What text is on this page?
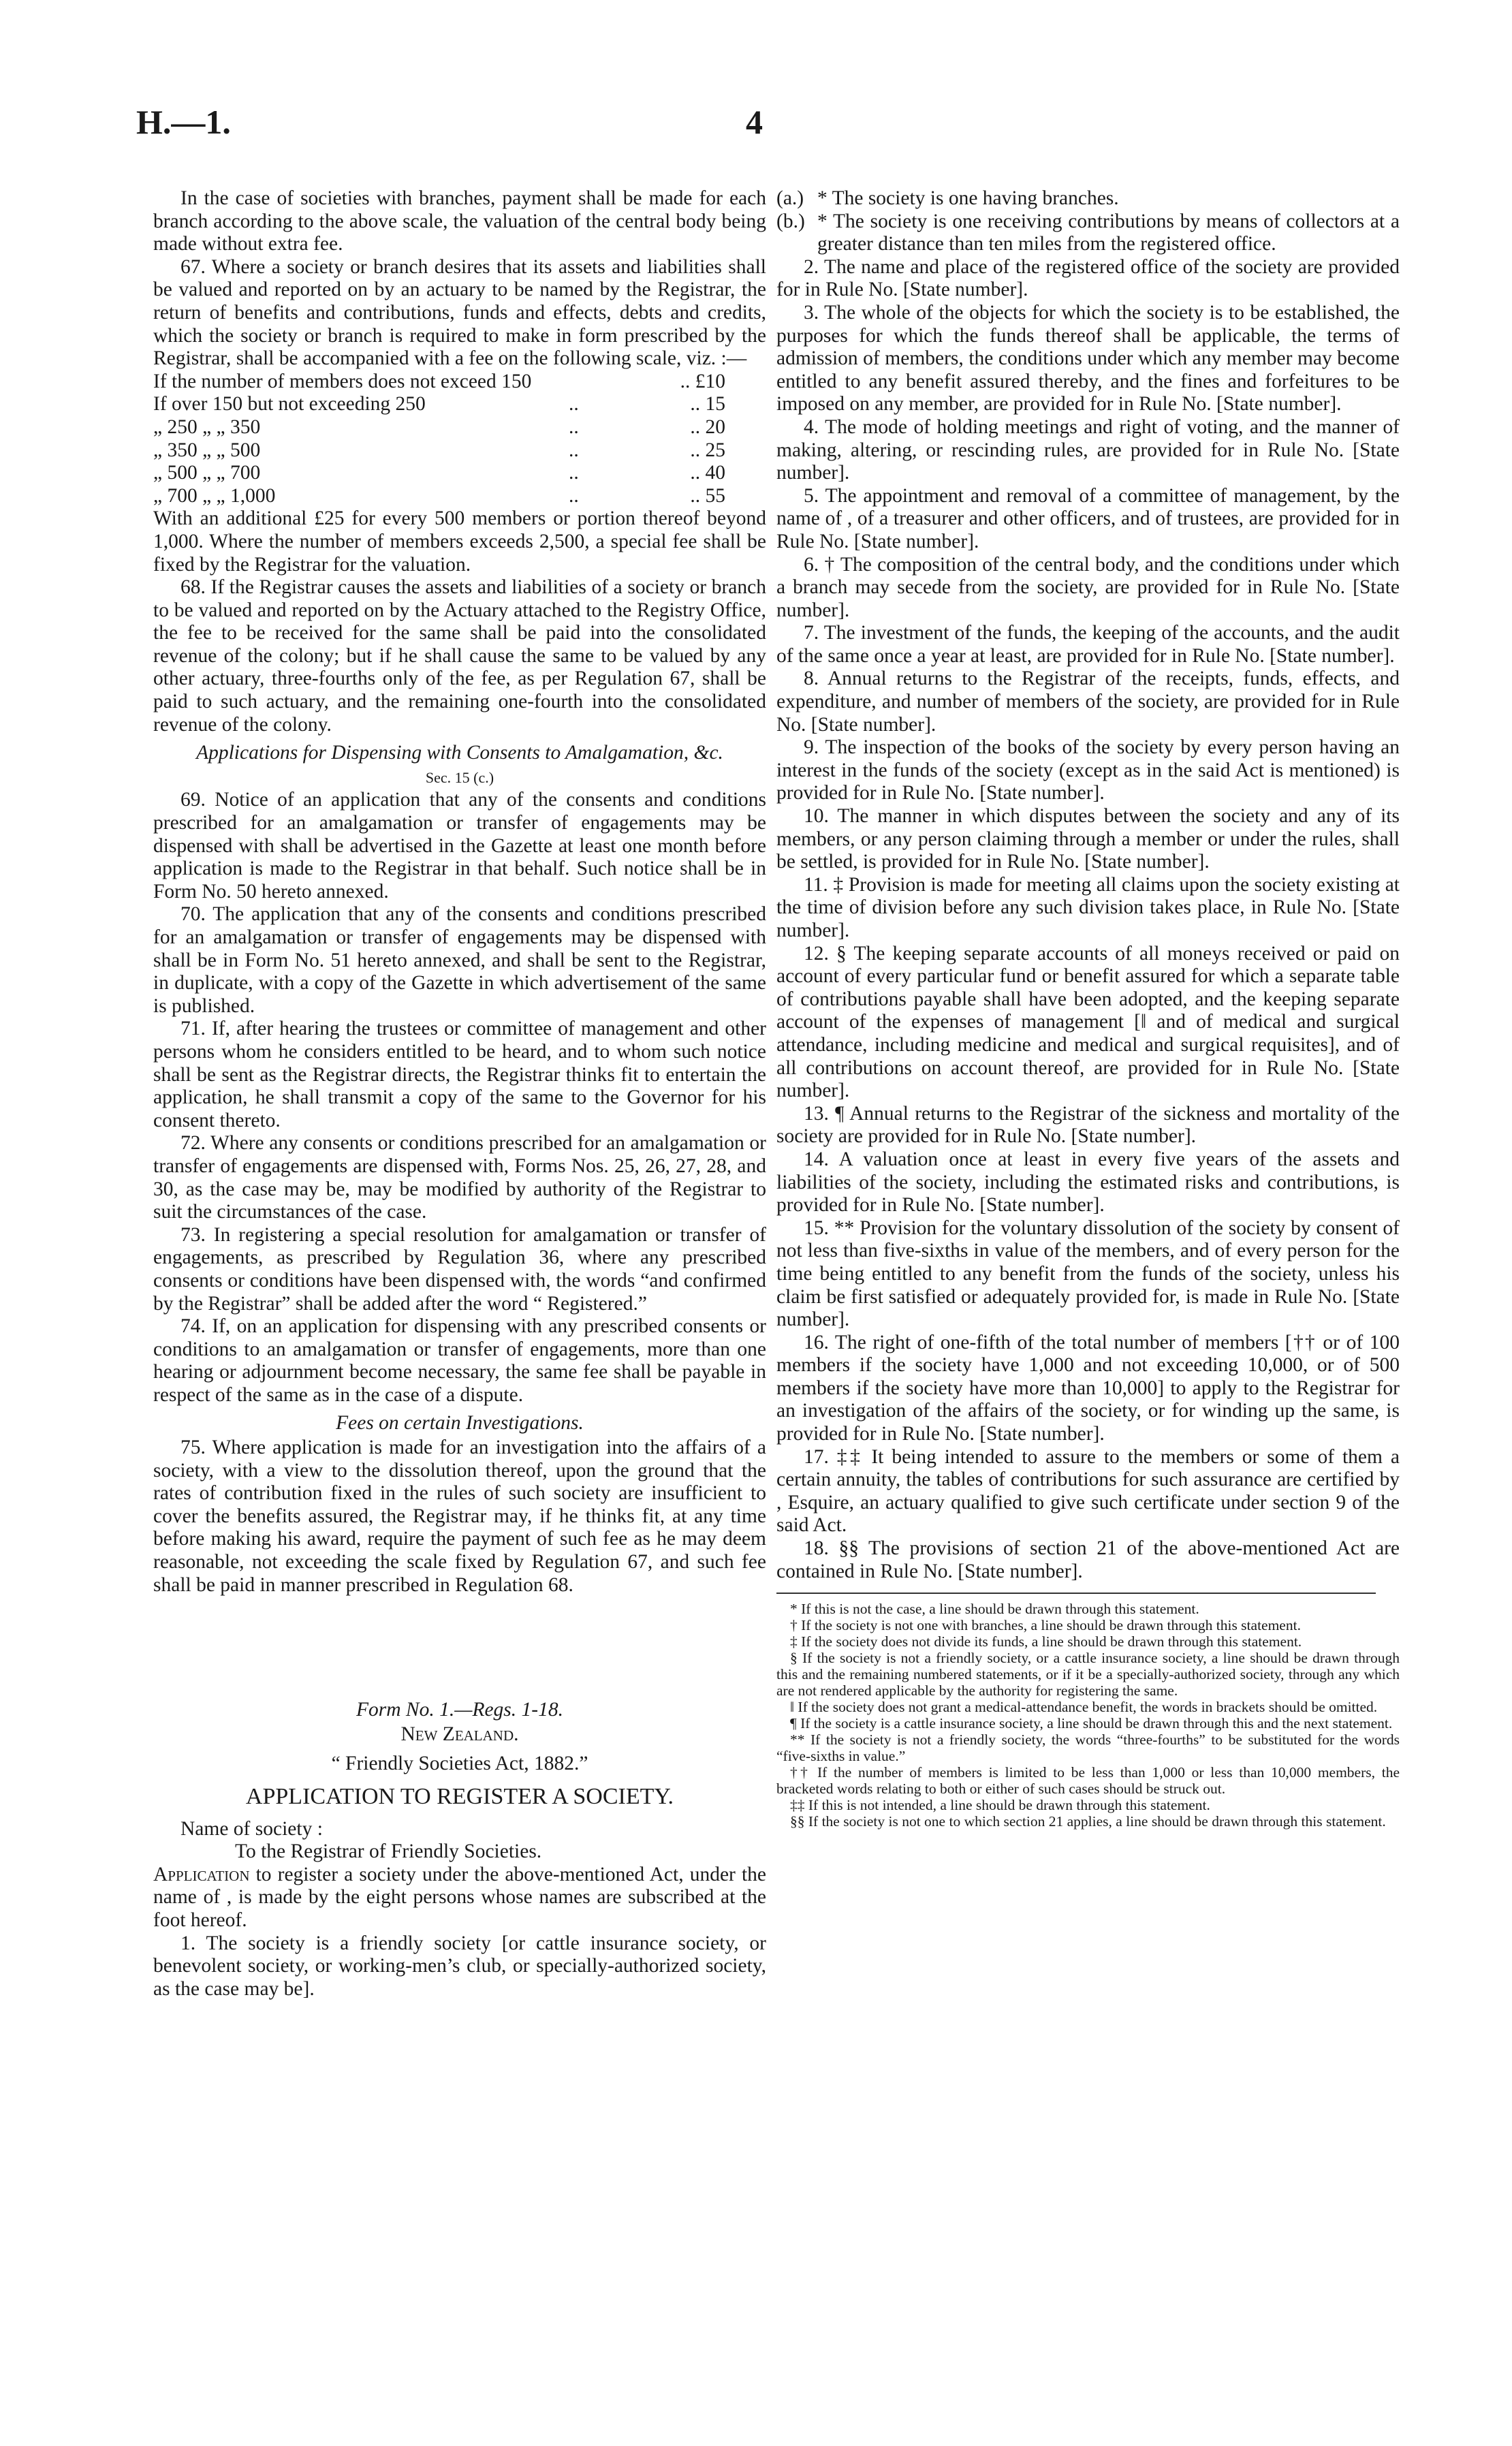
H.—1.	4

In the case of societies with branches, payment shall be made for each branch according to the above scale, the valuation of the central body being made without extra fee.

67. Where a society or branch desires that its assets and liabilities shall be valued and reported on by an actuary to be named by the Registrar, the return of benefits and contributions, funds and effects, debts and credits, which the society or branch is required to make in form prescribed by the Registrar, shall be accompanied with a fee on the following scale, viz. :—

If the number of members does not exceed 150	.. £10
If over 150 but not exceeding 250	..	.. 15
„ 250 „ „ 350	..	.. 20
„ 350 „ „ 500	..	.. 25
„ 500 „ „ 700	..	.. 40
„ 700 „ „ 1,000	..	.. 55

With an additional £25 for every 500 members or portion thereof beyond 1,000. Where the number of members exceeds 2,500, a special fee shall be fixed by the Registrar for the valuation.

68. If the Registrar causes the assets and liabilities of a society or branch to be valued and reported on by the Actuary attached to the Registry Office, the fee to be received for the same shall be paid into the consolidated revenue of the colony; but if he shall cause the same to be valued by any other actuary, three-fourths only of the fee, as per Regulation 67, shall be paid to such actuary, and the remaining one-fourth into the consolidated revenue of the colony.

Applications for Dispensing with Consents to Amalgamation, &c.

Sec. 15 (c.)

69. Notice of an application that any of the consents and conditions prescribed for an amalgamation or transfer of engagements may be dispensed with shall be advertised in the Gazette at least one month before application is made to the Registrar in that behalf. Such notice shall be in Form No. 50 hereto annexed.

70. The application that any of the consents and conditions prescribed for an amalgamation or transfer of engagements may be dispensed with shall be in Form No. 51 hereto annexed, and shall be sent to the Registrar, in duplicate, with a copy of the Gazette in which advertisement of the same is published.

71. If, after hearing the trustees or committee of management and other persons whom he considers entitled to be heard, and to whom such notice shall be sent as the Registrar directs, the Registrar thinks fit to entertain the application, he shall transmit a copy of the same to the Governor for his consent thereto.

72. Where any consents or conditions prescribed for an amalgamation or transfer of engagements are dispensed with, Forms Nos. 25, 26, 27, 28, and 30, as the case may be, may be modified by authority of the Registrar to suit the circumstances of the case.

73. In registering a special resolution for amalgamation or transfer of engagements, as prescribed by Regulation 36, where any prescribed consents or conditions have been dispensed with, the words “and confirmed by the Registrar” shall be added after the word “ Registered.”

74. If, on an application for dispensing with any prescribed consents or conditions to an amalgamation or transfer of engagements, more than one hearing or adjournment become necessary, the same fee shall be payable in respect of the same as in the case of a dispute.

Fees on certain Investigations.

75. Where application is made for an investigation into the affairs of a society, with a view to the dissolution thereof, upon the ground that the rates of contribution fixed in the rules of such society are insufficient to cover the benefits assured, the Registrar may, if he thinks fit, at any time before making his award, require the payment of such fee as he may deem reasonable, not exceeding the scale fixed by Regulation 67, and such fee shall be paid in manner prescribed in Regulation 68.

Form No. 1.—Regs. 1-18.

New Zealand.

“ Friendly Societies Act, 1882.”

APPLICATION TO REGISTER A SOCIETY.

Name of society :

To the Registrar of Friendly Societies.

Application to register a society under the above-mentioned Act, under the name of , is made by the eight persons whose names are subscribed at the foot hereof.

1. The society is a friendly society [or cattle insurance society, or benevolent society, or working-men’s club, or specially-authorized society, as the case may be].

(a.) * The society is one having branches.

(b.) * The society is one receiving contributions by means of collectors at a greater distance than ten miles from the registered office.

2. The name and place of the registered office of the society are provided for in Rule No. [State number].

3. The whole of the objects for which the society is to be established, the purposes for which the funds thereof shall be applicable, the terms of admission of members, the conditions under which any member may become entitled to any benefit assured thereby, and the fines and forfeitures to be imposed on any member, are provided for in Rule No. [State number].

4. The mode of holding meetings and right of voting, and the manner of making, altering, or rescinding rules, are provided for in Rule No. [State number].

5. The appointment and removal of a committee of management, by the name of , of a treasurer and other officers, and of trustees, are provided for in Rule No. [State number].

6. † The composition of the central body, and the conditions under which a branch may secede from the society, are provided for in Rule No. [State number].

7. The investment of the funds, the keeping of the accounts, and the audit of the same once a year at least, are provided for in Rule No. [State number].

8. Annual returns to the Registrar of the receipts, funds, effects, and expenditure, and number of members of the society, are provided for in Rule No. [State number].

9. The inspection of the books of the society by every person having an interest in the funds of the society (except as in the said Act is mentioned) is provided for in Rule No. [State number].

10. The manner in which disputes between the society and any of its members, or any person claiming through a member or under the rules, shall be settled, is provided for in Rule No. [State number].

11. ‡ Provision is made for meeting all claims upon the society existing at the time of division before any such division takes place, in Rule No. [State number].

12. § The keeping separate accounts of all moneys received or paid on account of every particular fund or benefit assured for which a separate table of contributions payable shall have been adopted, and the keeping separate account of the expenses of management [‖ and of medical and surgical attendance, including medicine and medical and surgical requisites], and of all contributions on account thereof, are provided for in Rule No. [State number].

13. ¶ Annual returns to the Registrar of the sickness and mortality of the society are provided for in Rule No. [State number].

14. A valuation once at least in every five years of the assets and liabilities of the society, including the estimated risks and contributions, is provided for in Rule No. [State number].

15. ** Provision for the voluntary dissolution of the society by consent of not less than five-sixths in value of the members, and of every person for the time being entitled to any benefit from the funds of the society, unless his claim be first satisfied or adequately provided for, is made in Rule No. [State number].

16. The right of one-fifth of the total number of members [†† or of 100 members if the society have 1,000 and not exceeding 10,000, or of 500 members if the society have more than 10,000] to apply to the Registrar for an investigation of the affairs of the society, or for winding up the same, is provided for in Rule No. [State number].

17. ‡‡ It being intended to assure to the members or some of them a certain annuity, the tables of contributions for such assurance are certified by , Esquire, an actuary qualified to give such certificate under section 9 of the said Act.

18. §§ The provisions of section 21 of the above-mentioned Act are contained in Rule No. [State number].

* If this is not the case, a line should be drawn through this statement.

† If the society is not one with branches, a line should be drawn through this statement.

‡ If the society does not divide its funds, a line should be drawn through this statement.

§ If the society is not a friendly society, or a cattle insurance society, a line should be drawn through this and the remaining numbered statements, or if it be a specially-authorized society, through any which are not rendered applicable by the authority for registering the same.

‖ If the society does not grant a medical-attendance benefit, the words in brackets should be omitted.

¶ If the society is a cattle insurance society, a line should be drawn through this and the next statement.

** If the society is not a friendly society, the words “three-fourths” to be substituted for the words “five-sixths in value.”

†† If the number of members is limited to be less than 1,000 or less than 10,000 members, the bracketed words relating to both or either of such cases should be struck out.

‡‡ If this is not intended, a line should be drawn through this statement.

§§ If the society is not one to which section 21 applies, a line should be drawn through this statement.
